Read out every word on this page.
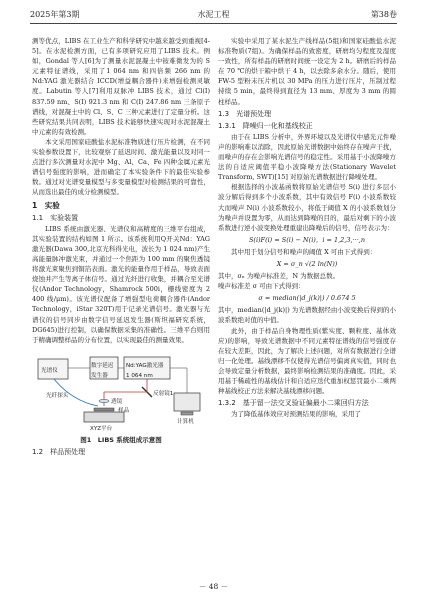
2025年第3期	水泥工程	第38卷

测等优点，LIBS 在工业生产和科学研究中越来越受到重视[4-5]。在水泥检测方面，已有多项研究应用了LIBS 技术。例如，Gondal 等人[6]为了测量水泥混凝土中铵难微发为的 S 元素特征谱线，采用了1 064 nm 和四倍频 266 nm 的 Nd:YAG 激光器结合 ICCD(增益耦合器件)来增强检测灵敏度。Labutin 等人[7]利用双脉冲 LIBS 技术，通过 Cl(I) 837.59 nm、S(I) 921.3 nm 和 C(I) 247.86 nm 三条原子谱线，对混凝土中的 Cl、S、C 三种元素进行了定量分析。这些研究结果共同表明，LIBS 技术能够快速实现对水泥混凝土中元素的有效检测。

本文采用国家硅酸盐水泥标准物质进行压片检测，在不同实验参数设置下，比较观察了延迟时间、激光能量以及对同一点进行多次测量对水泥中 Mg、Al、Ca、Fe 四种金属元素光谱信号强度的影响，进而确定了本实验条件下的最佳实验参数。通过对光谱变量模型与多变量模型对检测结果的可靠性，从而选出最佳的成分检测模型。

1　实验
1.1　实验装置

LIBS 系统由激光器、光谱仪和高精度的三维平台组成，其实验装置的结构如图 1 所示。该系统利用Q开关Nd：YAG激光器(Dawa 300,北京光科得光电，波长为 1 024 nm)产生高能量脉冲激光束，并通过一个焦距为 100 mm 的聚焦透镜将激光束聚焦到铜箔表面。激光的能量作用于样品，导致表面烧蚀并产生等离子体信号。通过光纤进行收集，并耦合至光谱仪(Andor Technology，Shamrock 500i，栅线密度为 2 400 线/μm)。该光谱仪配备了增强型电荷耦合器件(Andor Technology，iStar 320T)用于记录光谱信号。激光器与光谱仪的信号同步由数字信号延迟发生器(斯坦福研究系统，DG645)进行控制，以确保数据采集的准确性。三维平台则用于精确调整样品的分布位置，以实现最佳的测量效果。

光谱仪
数字延迟
发生器
Nd:YAG激光器
1 064 nm
计算机
反射镜1
透镜
光纤探头
样品
XYZ平台
图1　LIBS 系统组成示意图
1.2　样品预处理

实验中采用了某水泥生产线样品(5组)和国家硅酸盐水泥标准物质(7组)。为确保样品的致密度，研磨均匀程度及湿度一致性，所有样品的研磨时间统一设定为 2 h。研磨后的样品在 70 ℃的烘干箱中烘干 4 h，以去除多余水分。随后，使用 FW-5 型粉末压片机以 30 MPa 的压力进行压片，压制过程持续 5 min，最终得到直径为 13 mm、厚度为 3 mm 的圆柱样品。

1.3　光谱预处理
1.3.1　降噪归一化和基线校正

由于在 LIBS 分析中，外界环境以及光谱仪中感光元件噪声的影响难以消除，因此原始光谱数据中始终存在噪声干扰，而噪声的存在会影响光谱信号的稳定性。采用基于小波降噪方法的自适应阈值平稳小波降噪方法(Stationary Wavelet Transform, SWT)[15] 对原始光谱数据进行降噪处理。

根据选择的小波基函数将原始光谱信号 S(i) 进行多层小波分解后得到多个小波系数，其中有效信号 F(i) 小波系数较大而噪声 N(i) 小波系数较小，将低于阈值 X 的小波系数划分为噪声并设置为零，从而达到降噪的目的，最后对剩下的小波系数进行逆小波变换处理重建出降噪后的信号，信号表示为：

S(i)F(i) = S(i) − N(i)，i = 1,2,3,···,n

其中用于划分信号和噪声的阈值 X 可由下式得到：

X = σ_n √(2 ln(N))

其中，σₙ 为噪声标准差，N 为数据总数。

噪声标准差 σ 可由下式得到：

σ = median(|d_j(k)|) / 0.674 5

其中，median(|d_j(k)|) 为光谱数据经由小波变换后得到的小波系数绝对值的中值。

此外，由于样品自身物理性质(紫实度、颗粒度、基体效应)的影响，导致光谱数据中不同元素特征谱线的信号强度存在较大差距，因此，为了解决上述问题，对所有数据进行全谱归一化处理。基线漂移不仅使得光谱信号偏离真实值，同时也会导致定量分析数据，最终影响检测结果的准确度。因此，采用基于稀疏性的基线估计和自适应迭代重加权惩罚最小二乘两种基线校正方法来解决基线漂移问题。

1.3.2　基于留一法交叉验证偏最小二乘回归方法

为了降低基体效应对预测结果的影响，采用了

－ 48 －
